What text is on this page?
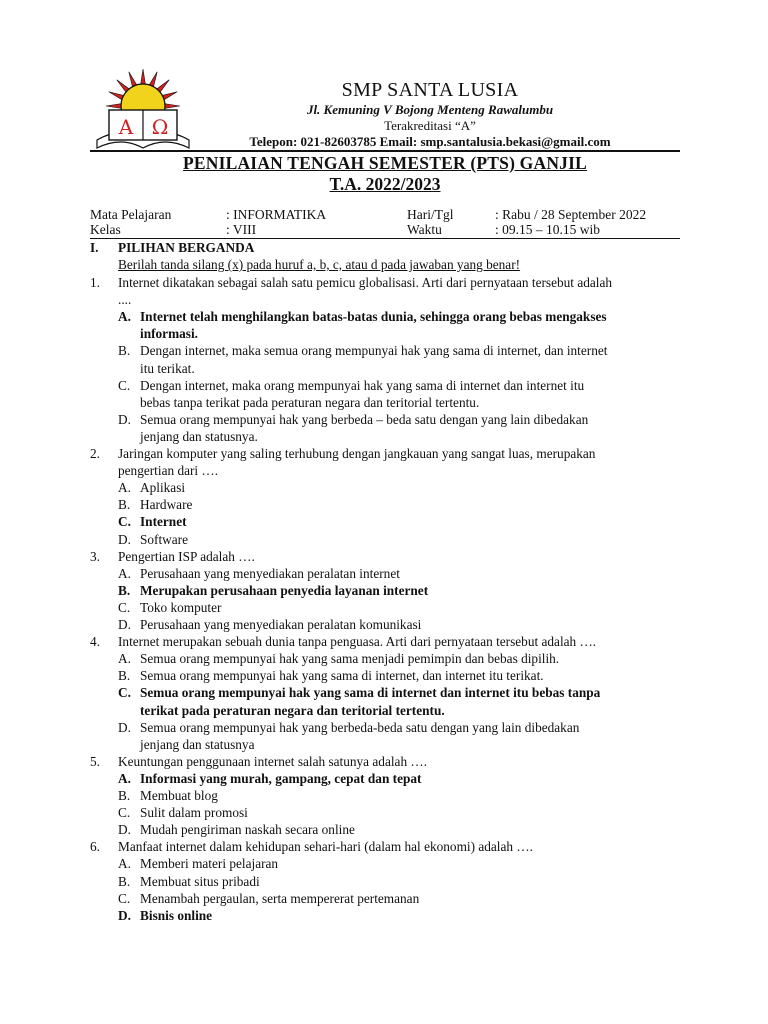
Α Ω
SMP SANTA LUSIA
Jl. Kemuning V Bojong Menteng Rawalumbu
Terakreditasi “A”
Telepon: 021-82603785 Email: smp.santalusia.bekasi@gmail.com
PENILAIAN TENGAH SEMESTER (PTS) GANJIL
T.A. 2022/2023
Mata Pelajaran	: INFORMATIKA	Hari/Tgl	: Rabu / 28 September 2022
Kelas	: VIII	Waktu	: 09.15 – 10.15 wib
I. PILIHAN BERGANDA
Berilah tanda silang (x) pada huruf a, b, c, atau d pada jawaban yang benar!
1. Internet dikatakan sebagai salah satu pemicu globalisasi. Arti dari pernyataan tersebut adalah
....
A. Internet telah menghilangkan batas-batas dunia, sehingga orang bebas mengakses
informasi.
B. Dengan internet, maka semua orang mempunyai hak yang sama di internet, dan internet
itu terikat.
C. Dengan internet, maka orang mempunyai hak yang sama di internet dan internet itu
bebas tanpa terikat pada peraturan negara dan teritorial tertentu.
D. Semua orang mempunyai hak yang berbeda – beda satu dengan yang lain dibedakan
jenjang dan statusnya.
2. Jaringan komputer yang saling terhubung dengan jangkauan yang sangat luas, merupakan
pengertian dari ….
A. Aplikasi
B. Hardware
C. Internet
D. Software
3. Pengertian ISP adalah ….
A. Perusahaan yang menyediakan peralatan internet
B. Merupakan perusahaan penyedia layanan internet
C. Toko komputer
D. Perusahaan yang menyediakan peralatan komunikasi
4. Internet merupakan sebuah dunia tanpa penguasa. Arti dari pernyataan tersebut adalah ….
A. Semua orang mempunyai hak yang sama menjadi pemimpin dan bebas dipilih.
B. Semua orang mempunyai hak yang sama di internet, dan internet itu terikat.
C. Semua orang mempunyai hak yang sama di internet dan internet itu bebas tanpa
terikat pada peraturan negara dan teritorial tertentu.
D. Semua orang mempunyai hak yang berbeda-beda satu dengan yang lain dibedakan
jenjang dan statusnya
5. Keuntungan penggunaan internet salah satunya adalah ….
A. Informasi yang murah, gampang, cepat dan tepat
B. Membuat blog
C. Sulit dalam promosi
D. Mudah pengiriman naskah secara online
6. Manfaat internet dalam kehidupan sehari-hari (dalam hal ekonomi) adalah ….
A. Memberi materi pelajaran
B. Membuat situs pribadi
C. Menambah pergaulan, serta mempererat pertemanan
D. Bisnis online
